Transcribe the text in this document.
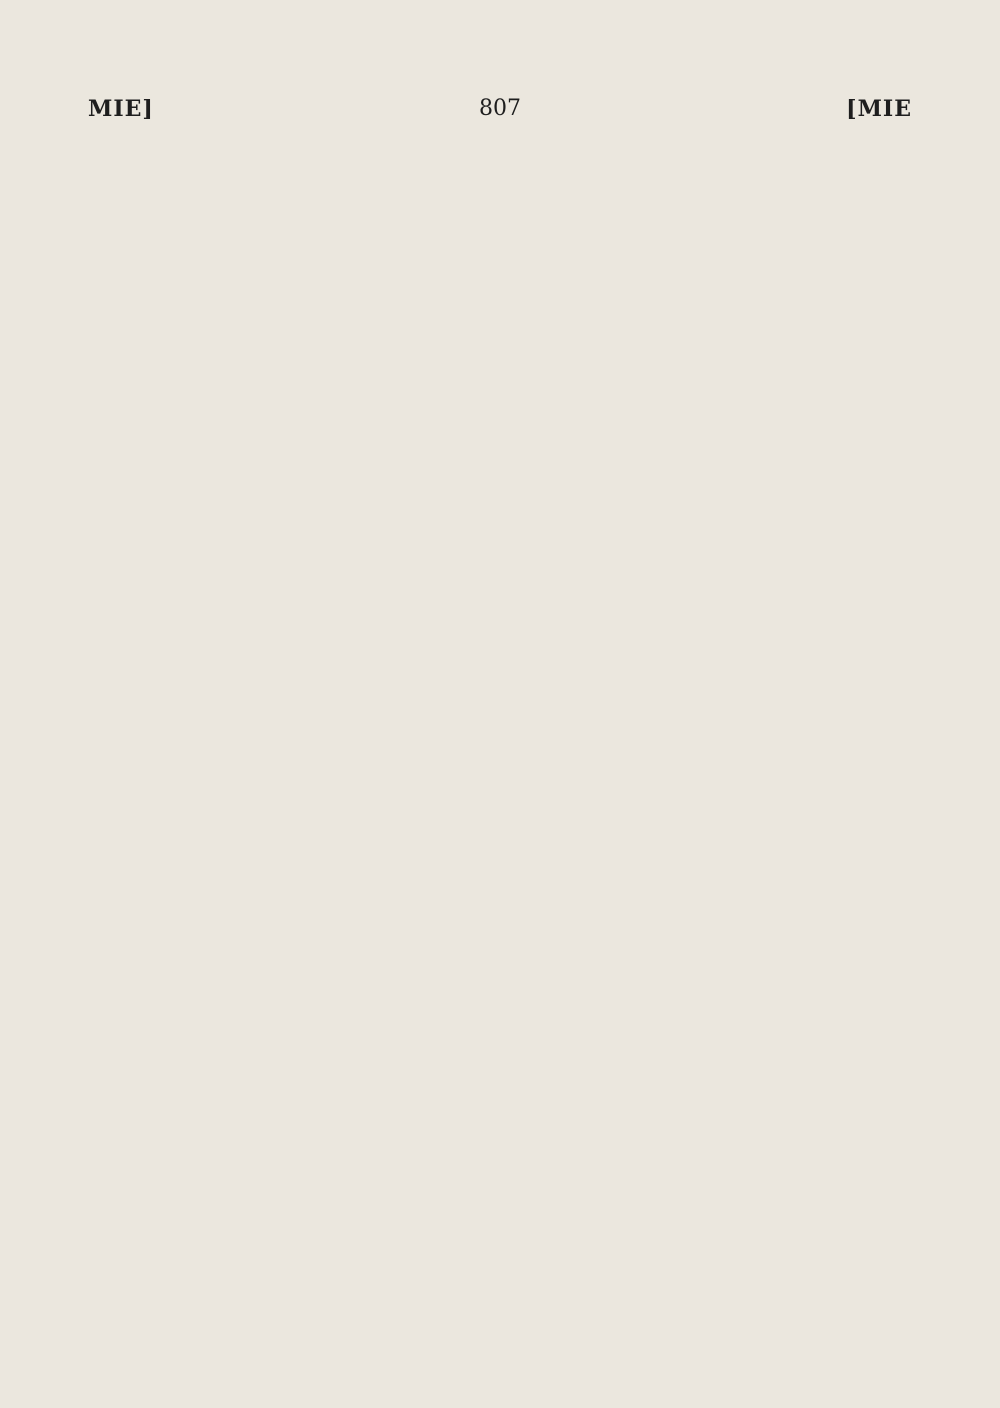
807
MIE]	[MIE
